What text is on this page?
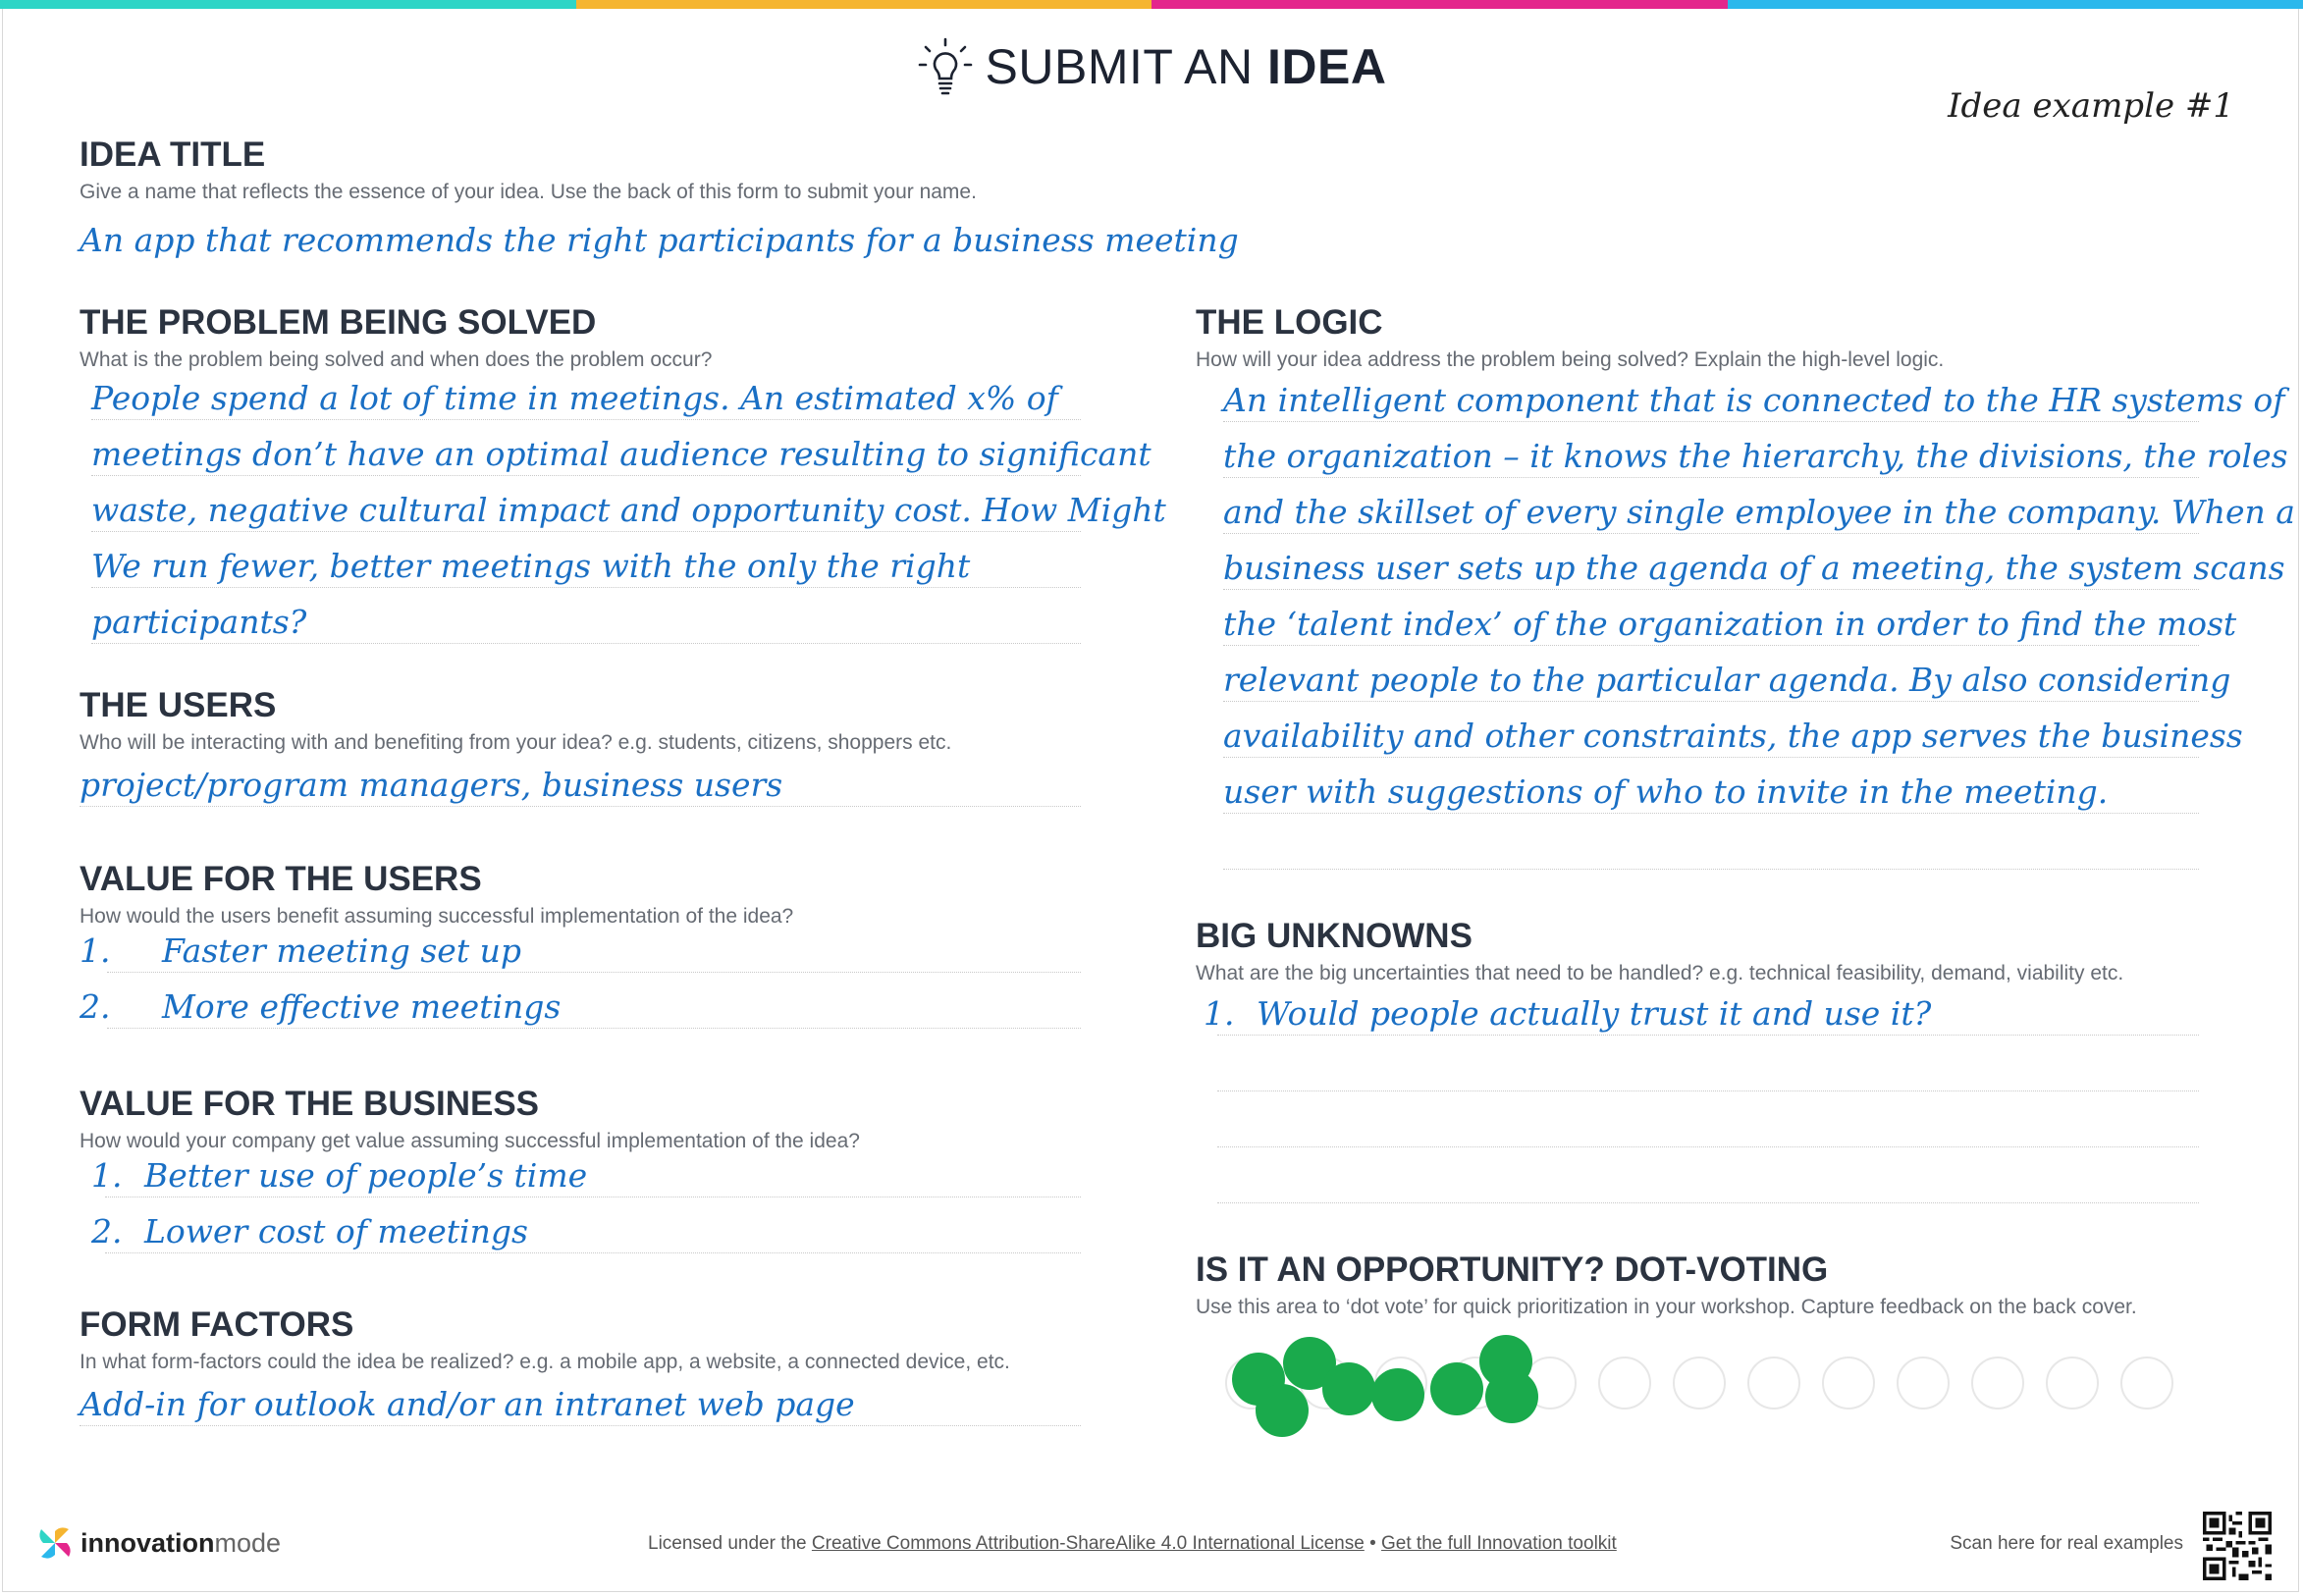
SUBMIT AN IDEA
Idea example #1
IDEA TITLE
Give a name that reflects the essence of your idea. Use the back of this form to submit your name.
An app that recommends the right participants for a business meeting
THE PROBLEM BEING SOLVED
What is the problem being solved and when does the problem occur?
People spend a lot of time in meetings. An estimated x% of
meetings don’t have an optimal audience resulting to significant
waste, negative cultural impact and opportunity cost. How Might
We run fewer, better meetings with the only the right
participants?
THE USERS
Who will be interacting with and benefiting from your idea? e.g. students, citizens, shoppers etc.
project/program managers, business users
VALUE FOR THE USERS
How would the users benefit assuming successful implementation of the idea?
1. Faster meeting set up
2. More effective meetings
VALUE FOR THE BUSINESS
How would your company get value assuming successful implementation of the idea?
1. Better use of people’s time
2. Lower cost of meetings
FORM FACTORS
In what form-factors could the idea be realized? e.g. a mobile app, a website, a connected device, etc.
Add-in for outlook and/or an intranet web page
THE LOGIC
How will your idea address the problem being solved? Explain the high-level logic.
An intelligent component that is connected to the HR systems of
the organization – it knows the hierarchy, the divisions, the roles
and the skillset of every single employee in the company. When a
business user sets up the agenda of a meeting, the system scans
the ‘talent index’ of the organization in order to find the most
relevant people to the particular agenda. By also considering
availability and other constraints, the app serves the business
user with suggestions of who to invite in the meeting.
BIG UNKNOWNS
What are the big uncertainties that need to be handled? e.g. technical feasibility, demand, viability etc.
1. Would people actually trust it and use it?
IS IT AN OPPORTUNITY? DOT-VOTING
Use this area to ‘dot vote’ for quick prioritization in your workshop. Capture feedback on the back cover.
innovationmode	Licensed under the Creative Commons Attribution-ShareAlike 4.0 International License • Get the full Innovation toolkit	Scan here for real examples
